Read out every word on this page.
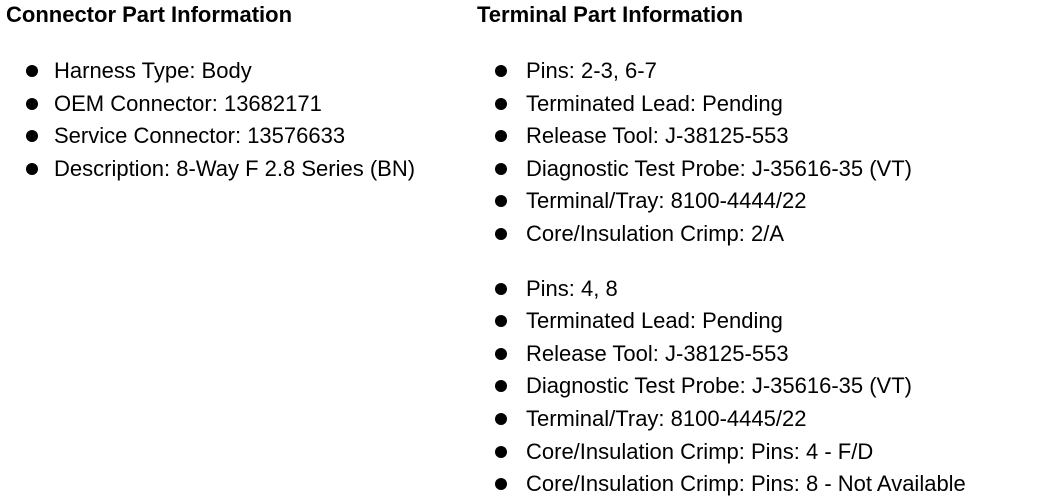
Connector Part Information
Harness Type: Body
OEM Connector: 13682171
Service Connector: 13576633
Description: 8-Way F 2.8 Series (BN)
Terminal Part Information
Pins: 2-3, 6-7
Terminated Lead: Pending
Release Tool: J-38125-553
Diagnostic Test Probe: J-35616-35 (VT)
Terminal/Tray: 8100-4444/22
Core/Insulation Crimp: 2/A
Pins: 4, 8
Terminated Lead: Pending
Release Tool: J-38125-553
Diagnostic Test Probe: J-35616-35 (VT)
Terminal/Tray: 8100-4445/22
Core/Insulation Crimp: Pins: 4 - F/D
Core/Insulation Crimp: Pins: 8 - Not Available
